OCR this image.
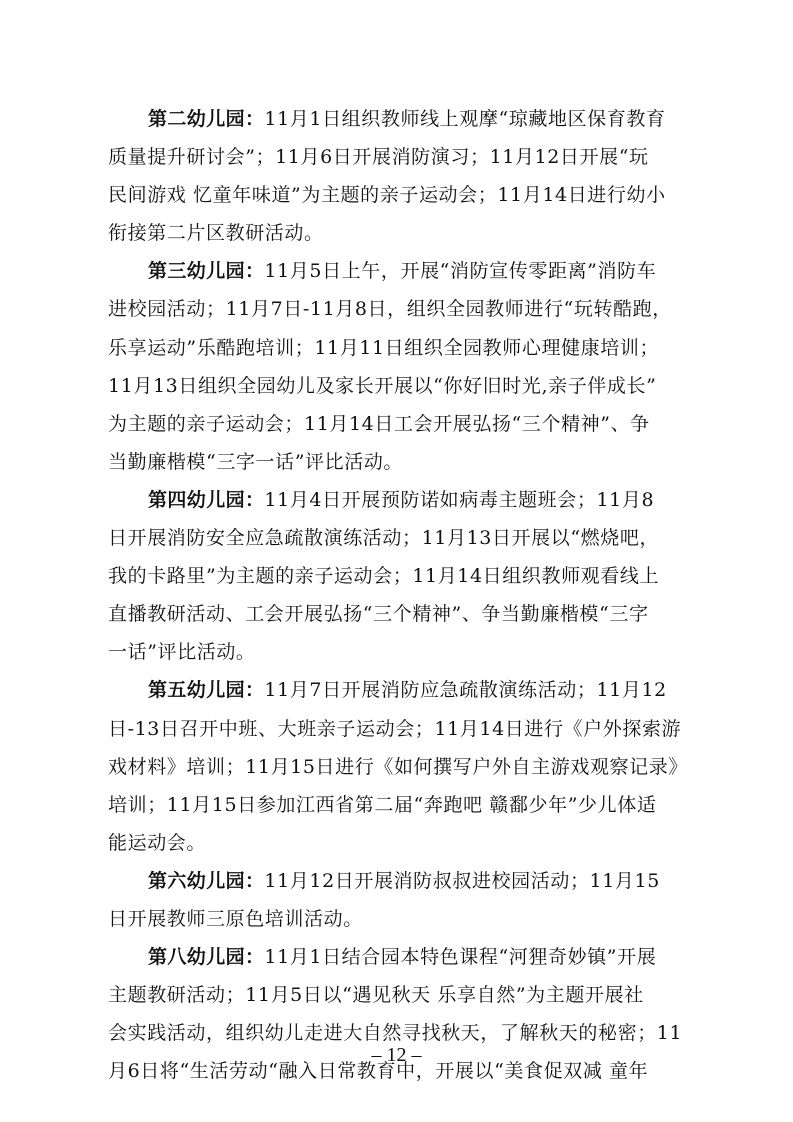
第二幼儿园：11月1日组织教师线上观摩“琼藏地区保育教育
质量提升研讨会”；11月6日开展消防演习；11月12日开展“玩
民间游戏 忆童年味道”为主题的亲子运动会；11月14日进行幼小
衔接第二片区教研活动。
第三幼儿园：11月5日上午，开展“消防宣传零距离”消防车
进校园活动；11月7日-11月8日，组织全园教师进行“玩转酷跑，
乐享运动”乐酷跑培训；11月11日组织全园教师心理健康培训；
11月13日组织全园幼儿及家长开展以“你好旧时光,亲子伴成长”
为主题的亲子运动会；11月14日工会开展弘扬“三个精神”、争
当勤廉楷模“三字一话”评比活动。
第四幼儿园：11月4日开展预防诺如病毒主题班会；11月8
日开展消防安全应急疏散演练活动；11月13日开展以“燃烧吧，
我的卡路里”为主题的亲子运动会；11月14日组织教师观看线上
直播教研活动、工会开展弘扬“三个精神”、争当勤廉楷模“三字
一话”评比活动。
第五幼儿园：11月7日开展消防应急疏散演练活动；11月12
日-13日召开中班、大班亲子运动会；11月14日进行《户外探索游
戏材料》培训；11月15日进行《如何撰写户外自主游戏观察记录》
培训；11月15日参加江西省第二届“奔跑吧 赣鄱少年”少儿体适
能运动会。
第六幼儿园：11月12日开展消防叔叔进校园活动；11月15
日开展教师三原色培训活动。
第八幼儿园：11月1日结合园本特色课程“河狸奇妙镇”开展
主题教研活动；11月5日以“遇见秋天 乐享自然”为主题开展社
会实践活动，组织幼儿走进大自然寻找秋天，了解秋天的秘密；11
月6日将“生活劳动“融入日常教育中，开展以“美食促双减 童年
– 12 –
